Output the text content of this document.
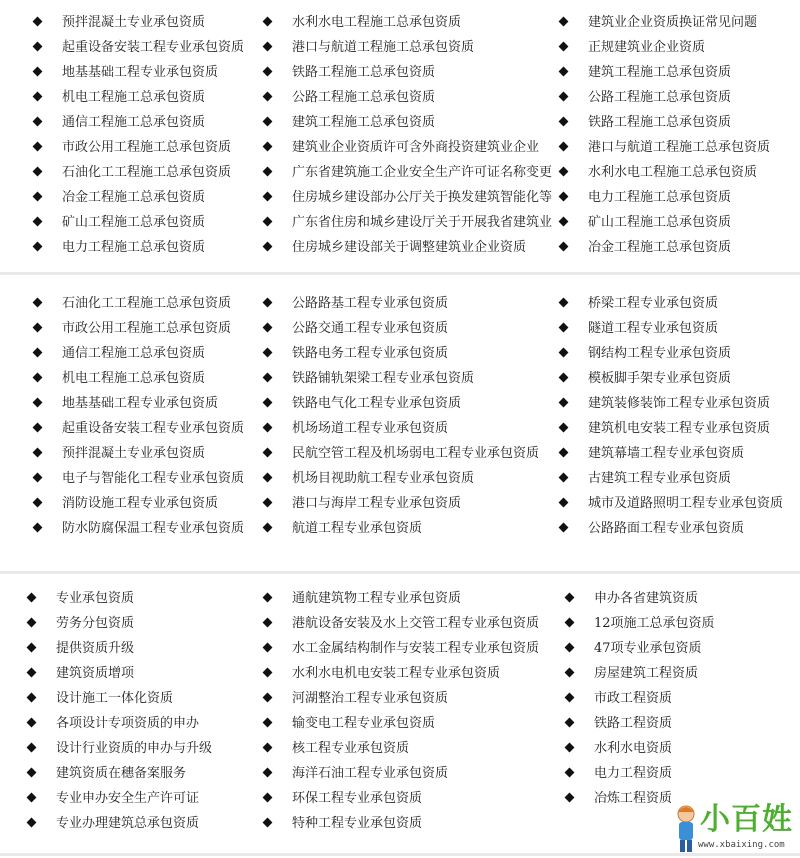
预拌混凝土专业承包资质
起重设备安装工程专业承包资质
地基基础工程专业承包资质
机电工程施工总承包资质
通信工程施工总承包资质
市政公用工程施工总承包资质
石油化工工程施工总承包资质
冶金工程施工总承包资质
矿山工程施工总承包资质
电力工程施工总承包资质
水利水电工程施工总承包资质
港口与航道工程施工总承包资质
铁路工程施工总承包资质
公路工程施工总承包资质
建筑工程施工总承包资质
建筑业企业资质许可含外商投资建筑业企业
广东省建筑施工企业安全生产许可证名称变更
住房城乡建设部办公厅关于换发建筑智能化等
广东省住房和城乡建设厅关于开展我省建筑业
住房城乡建设部关于调整建筑业企业资质
建筑业企业资质换证常见问题
正规建筑业企业资质
建筑工程施工总承包资质
公路工程施工总承包资质
铁路工程施工总承包资质
港口与航道工程施工总承包资质
水利水电工程施工总承包资质
电力工程施工总承包资质
矿山工程施工总承包资质
冶金工程施工总承包资质
石油化工工程施工总承包资质
市政公用工程施工总承包资质
通信工程施工总承包资质
机电工程施工总承包资质
地基基础工程专业承包资质
起重设备安装工程专业承包资质
预拌混凝土专业承包资质
电子与智能化工程专业承包资质
消防设施工程专业承包资质
防水防腐保温工程专业承包资质
公路路基工程专业承包资质
公路交通工程专业承包资质
铁路电务工程专业承包资质
铁路铺轨架梁工程专业承包资质
铁路电气化工程专业承包资质
机场场道工程专业承包资质
民航空管工程及机场弱电工程专业承包资质
机场目视助航工程专业承包资质
港口与海岸工程专业承包资质
航道工程专业承包资质
桥梁工程专业承包资质
隧道工程专业承包资质
钢结构工程专业承包资质
模板脚手架专业承包资质
建筑装修装饰工程专业承包资质
建筑机电安装工程专业承包资质
建筑幕墙工程专业承包资质
古建筑工程专业承包资质
城市及道路照明工程专业承包资质
公路路面工程专业承包资质
专业承包资质
劳务分包资质
提供资质升级
建筑资质增项
设计施工一体化资质
各项设计专项资质的申办
设计行业资质的申办与升级
建筑资质在穗备案服务
专业申办安全生产许可证
专业办理建筑总承包资质
通航建筑物工程专业承包资质
港航设备安装及水上交管工程专业承包资质
水工金属结构制作与安装工程专业承包资质
水利水电机电安装工程专业承包资质
河湖整治工程专业承包资质
输变电工程专业承包资质
核工程专业承包资质
海洋石油工程专业承包资质
环保工程专业承包资质
特种工程专业承包资质
申办各省建筑资质
12项施工总承包资质
47项专业承包资质
房屋建筑工程资质
市政工程资质
铁路工程资质
水利水电资质
电力工程资质
冶炼工程资质
小百姓
www.xbaixing.com
